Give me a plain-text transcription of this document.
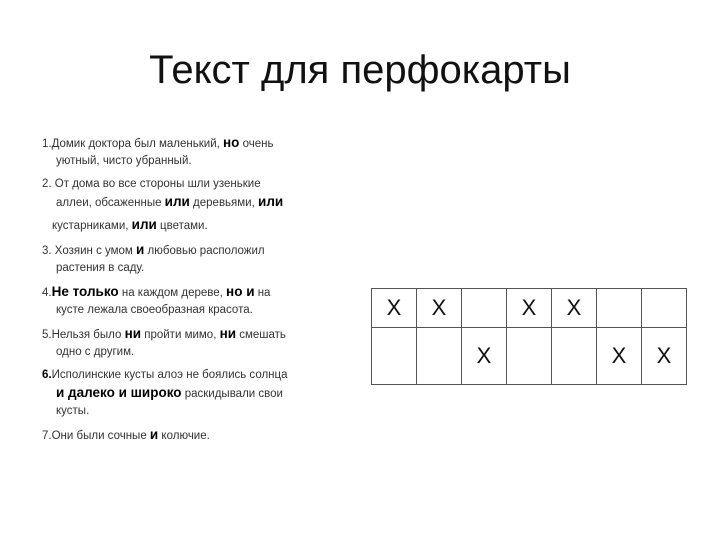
Текст для перфокарты
1.Домик доктора был маленький, но очень
уютный, чисто убранный.
2. От дома во все стороны шли узенькие
аллеи, обсаженные или деревьями, или
кустарниками, или цветами.
3. Хозяин с умом и любовью расположил
растения в саду.
4.Не только на каждом дереве, но и на
кусте лежала своеобразная красота.
5.Нельзя было ни пройти мимо, ни смешать
одно с другим.
6.Исполинские кусты алоэ не боялись солнца
и далеко и широко раскидывали свои
кусты.
7.Они были сочные и колючие.
X	X		X	X		
		X			X	X
